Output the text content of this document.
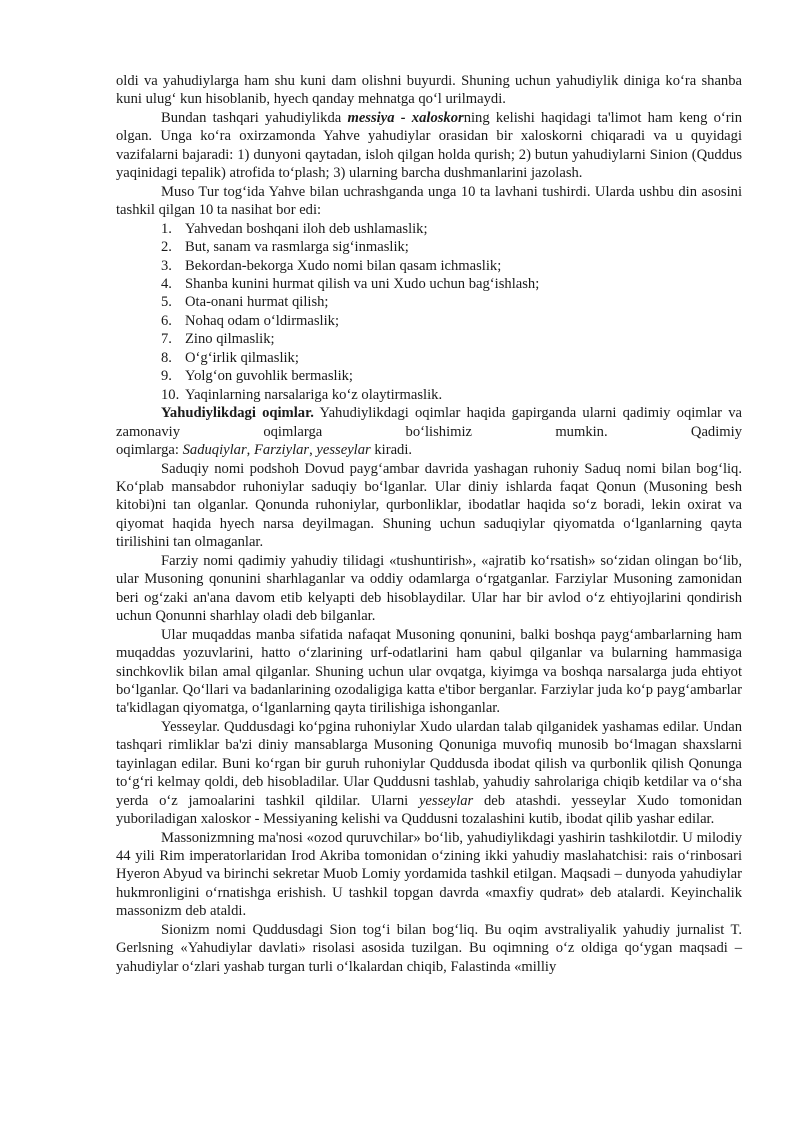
oldi va yahudiylarga ham shu kuni dam olishni buyurdi. Shuning uchun yahudiylik diniga ko‘ra shanba kuni ulug‘ kun hisoblanib, hyech qanday mehnatga qo‘l urilmaydi.

Bundan tashqari yahudiylikda messiya - xaloskorning kelishi haqidagi ta'limot ham keng o‘rin olgan. Unga ko‘ra oxirzamonda Yahve yahudiylar orasidan bir xaloskorni chiqaradi va u quyidagi vazifalarni bajaradi: 1) dunyoni qaytadan, isloh qilgan holda qurish; 2) butun yahudiylarni Sinion (Quddus yaqinidagi tepalik) atrofida to‘plash; 3) ularning barcha dushmanlarini jazolash.

Muso Tur tog‘ida Yahve bilan uchrashganda unga 10 ta lavhani tushirdi. Ularda ushbu din asosini tashkil qilgan 10 ta nasihat bor edi:

1. Yahvedan boshqani iloh deb ushlamaslik;
2. But, sanam va rasmlarga sig‘inmaslik;
3. Bekordan-bekorga Xudo nomi bilan qasam ichmaslik;
4. Shanba kunini hurmat qilish va uni Xudo uchun bag‘ishlash;
5. Ota-onani hurmat qilish;
6. Nohaq odam o‘ldirmaslik;
7. Zino qilmaslik;
8. O‘g‘irlik qilmaslik;
9. Yolg‘on guvohlik bermaslik;
10. Yaqinlarning narsalariga ko‘z olaytirmaslik.

Yahudiylikdagi oqimlar. Yahudiylikdagi oqimlar haqida gapirganda ularni qadimiy oqimlar va zamonaviy oqimlarga bo‘lishimiz mumkin. Qadimiy

oqimlarga: Saduqiylar, Farziylar, yesseylar kiradi.

Saduqiy nomi podshoh Dovud payg‘ambar davrida yashagan ruhoniy Saduq nomi bilan bog‘liq. Ko‘plab mansabdor ruhoniylar saduqiy bo‘lganlar. Ular diniy ishlarda faqat Qonun (Musoning besh kitobi)ni tan olganlar. Qonunda ruhoniylar, qurbonliklar, ibodatlar haqida so‘z boradi, lekin oxirat va qiyomat haqida hyech narsa deyilmagan. Shuning uchun saduqiylar qiyomatda o‘lganlarning qayta tirilishini tan olmaganlar.

Farziy nomi qadimiy yahudiy tilidagi «tushuntirish», «ajratib ko‘rsatish» so‘zidan olingan bo‘lib, ular Musoning qonunini sharhlaganlar va oddiy odamlarga o‘rgatganlar. Farziylar Musoning zamonidan beri og‘zaki an'ana davom etib kelyapti deb hisoblaydilar. Ular har bir avlod o‘z ehtiyojlarini qondirish uchun Qonunni sharhlay oladi deb bilganlar.

Ular muqaddas manba sifatida nafaqat Musoning qonunini, balki boshqa payg‘ambarlarning ham muqaddas yozuvlarini, hatto o‘zlarining urf-odatlarini ham qabul qilganlar va bularning hammasiga sinchkovlik bilan amal qilganlar. Shuning uchun ular ovqatga, kiyimga va boshqa narsalarga juda ehtiyot bo‘lganlar. Qo‘llari va badanlarining ozodaligiga katta e'tibor berganlar. Farziylar juda ko‘p payg‘ambarlar ta'kidlagan qiyomatga, o‘lganlarning qayta tirilishiga ishonganlar.

Yesseylar. Quddusdagi ko‘pgina ruhoniylar Xudo ulardan talab qilganidek yashamas edilar. Undan tashqari rimliklar ba'zi diniy mansablarga Musoning Qonuniga muvofiq munosib bo‘lmagan shaxslarni tayinlagan edilar. Buni ko‘rgan bir guruh ruhoniylar Quddusda ibodat qilish va qurbonlik qilish Qonunga to‘g‘ri kelmay qoldi, deb hisobladilar. Ular Quddusni tashlab, yahudiy sahrolariga chiqib ketdilar va o‘sha yerda o‘z jamoalarini tashkil qildilar. Ularni yesseylar deb atashdi. yesseylar Xudo tomonidan yuboriladigan xaloskor - Messiyaning kelishi va Quddusni tozalashini kutib, ibodat qilib yashar edilar.

Massonizmning ma'nosi «ozod quruvchilar» bo‘lib, yahudiylikdagi yashirin tashkilotdir. U milodiy 44 yili Rim imperatorlaridan Irod Akriba tomonidan o‘zining ikki yahudiy maslahatchisi: rais o‘rinbosari Hyeron Abyud va birinchi sekretar Muob Lomiy yordamida tashkil etilgan. Maqsadi – dunyoda yahudiylar hukmronligini o‘rnatishga erishish. U tashkil topgan davrda «maxfiy qudrat» deb atalardi. Keyinchalik massonizm deb ataldi.

Sionizm nomi Quddusdagi Sion tog‘i bilan bog‘liq. Bu oqim avstraliyalik yahudiy jurnalist T. Gerlsning «Yahudiylar davlati» risolasi asosida tuzilgan. Bu oqimning o‘z oldiga qo‘ygan maqsadi – yahudiylar o‘zlari yashab turgan turli o‘lkalardan chiqib, Falastinda «milliy
